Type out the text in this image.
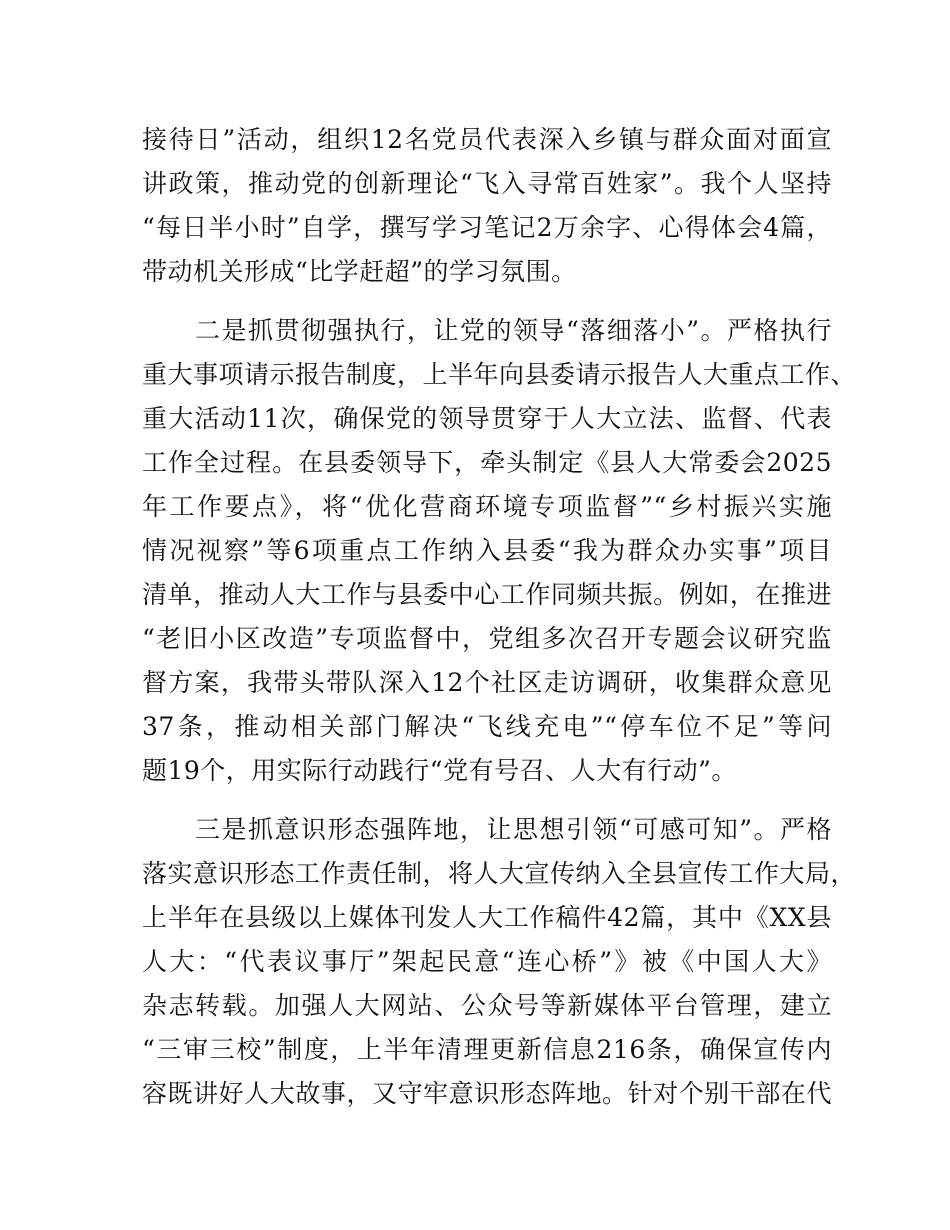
接待日”活动，组织12名党员代表深入乡镇与群众面对面宣
讲政策，推动党的创新理论“飞入寻常百姓家”。我个人坚持
“每日半小时”自学，撰写学习笔记2万余字、心得体会4篇，
带动机关形成“比学赶超”的学习氛围。
　　二是抓贯彻强执行，让党的领导“落细落小”。严格执行
重大事项请示报告制度，上半年向县委请示报告人大重点工作、
重大活动11次，确保党的领导贯穿于人大立法、监督、代表
工作全过程。在县委领导下，牵头制定《县人大常委会2025
年工作要点》，将“优化营商环境专项监督”“乡村振兴实施
情况视察”等6项重点工作纳入县委“我为群众办实事”项目
清单，推动人大工作与县委中心工作同频共振。例如，在推进
“老旧小区改造”专项监督中，党组多次召开专题会议研究监
督方案，我带头带队深入12个社区走访调研，收集群众意见
37条，推动相关部门解决“飞线充电”“停车位不足”等问
题19个，用实际行动践行“党有号召、人大有行动”。
　　三是抓意识形态强阵地，让思想引领“可感可知”。严格
落实意识形态工作责任制，将人大宣传纳入全县宣传工作大局，
上半年在县级以上媒体刊发人大工作稿件42篇，其中《XX县
人大：“代表议事厅”架起民意“连心桥”》被《中国人大》
杂志转载。加强人大网站、公众号等新媒体平台管理，建立
“三审三校”制度，上半年清理更新信息216条，确保宣传内
容既讲好人大故事，又守牢意识形态阵地。针对个别干部在代
